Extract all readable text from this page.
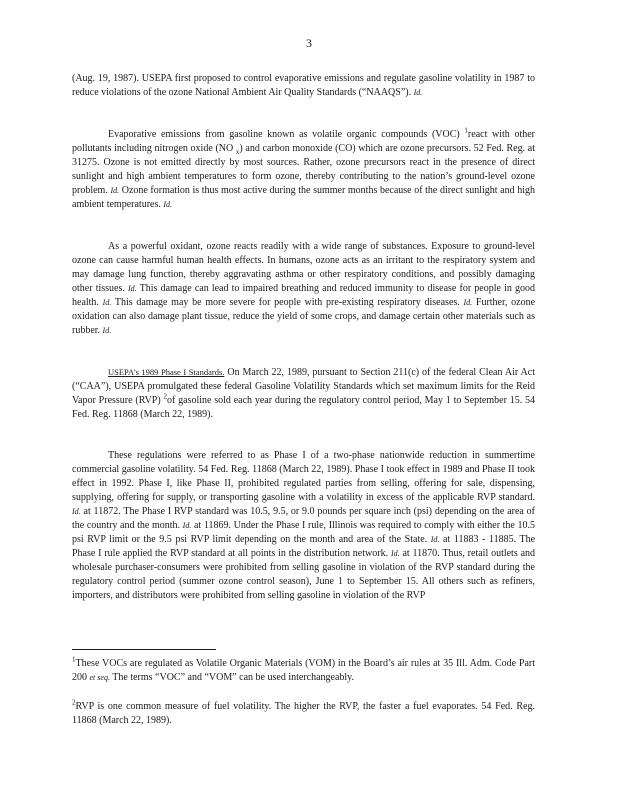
3

(Aug. 19, 1987). USEPA first proposed to control evaporative emissions and regulate gasoline volatility in 1987 to reduce violations of the ozone National Ambient Air Quality Standards (“NAAQS”). Id.

Evaporative emissions from gasoline known as volatile organic compounds (VOC) $^1$react with other pollutants including nitrogen oxide (NO $_x$) and carbon monoxide (CO) which are ozone precursors. 52 Fed. Reg. at 31275. Ozone is not emitted directly by most sources. Rather, ozone precursors react in the presence of direct sunlight and high ambient temperatures to form ozone, thereby contributing to the nation’s ground-level ozone problem. Id. Ozone formation is thus most active during the summer months because of the direct sunlight and high ambient temperatures. Id.

As a powerful oxidant, ozone reacts readily with a wide range of substances. Exposure to ground-level ozone can cause harmful human health effects. In humans, ozone acts as an irritant to the respiratory system and may damage lung function, thereby aggravating asthma or other respiratory conditions, and possibly damaging other tissues. Id. This damage can lead to impaired breathing and reduced immunity to disease for people in good health. Id. This damage may be more severe for people with pre-existing respiratory diseases. Id. Further, ozone oxidation can also damage plant tissue, reduce the yield of some crops, and damage certain other materials such as rubber. Id.

USEPA’s 1989 Phase I Standards. On March 22, 1989, pursuant to Section 211(c) of the federal Clean Air Act (“CAA”), USEPA promulgated these federal Gasoline Volatility Standards which set maximum limits for the Reid Vapor Pressure (RVP) $^2$of gasoline sold each year during the regulatory control period, May 1 to September 15. 54 Fed. Reg. 11868 (March 22, 1989).

These regulations were referred to as Phase I of a two-phase nationwide reduction in summertime commercial gasoline volatility. 54 Fed. Reg. 11868 (March 22, 1989). Phase I took effect in 1989 and Phase II took effect in 1992. Phase I, like Phase II, prohibited regulated parties from selling, offering for sale, dispensing, supplying, offering for supply, or transporting gasoline with a volatility in excess of the applicable RVP standard. Id. at 11872. The Phase I RVP standard was 10.5, 9.5, or 9.0 pounds per square inch (psi) depending on the area of the country and the month. Id. at 11869. Under the Phase I rule, Illinois was required to comply with either the 10.5 psi RVP limit or the 9.5 psi RVP limit depending on the month and area of the State. Id. at 11883 - 11885. The Phase I rule applied the RVP standard at all points in the distribution network. Id. at 11870. Thus, retail outlets and wholesale purchaser-consumers were prohibited from selling gasoline in violation of the RVP standard during the regulatory control period (summer ozone control season), June 1 to September 15. All others such as refiners, importers, and distributors were prohibited from selling gasoline in violation of the RVP

$^1$These VOCs are regulated as Volatile Organic Materials (VOM) in the Board’s air rules at 35 Ill. Adm. Code Part 200 et seq. The terms “VOC” and “VOM” can be used interchangeably.

$^2$RVP is one common measure of fuel volatility. The higher the RVP, the faster a fuel evaporates. 54 Fed. Reg. 11868 (March 22, 1989).
